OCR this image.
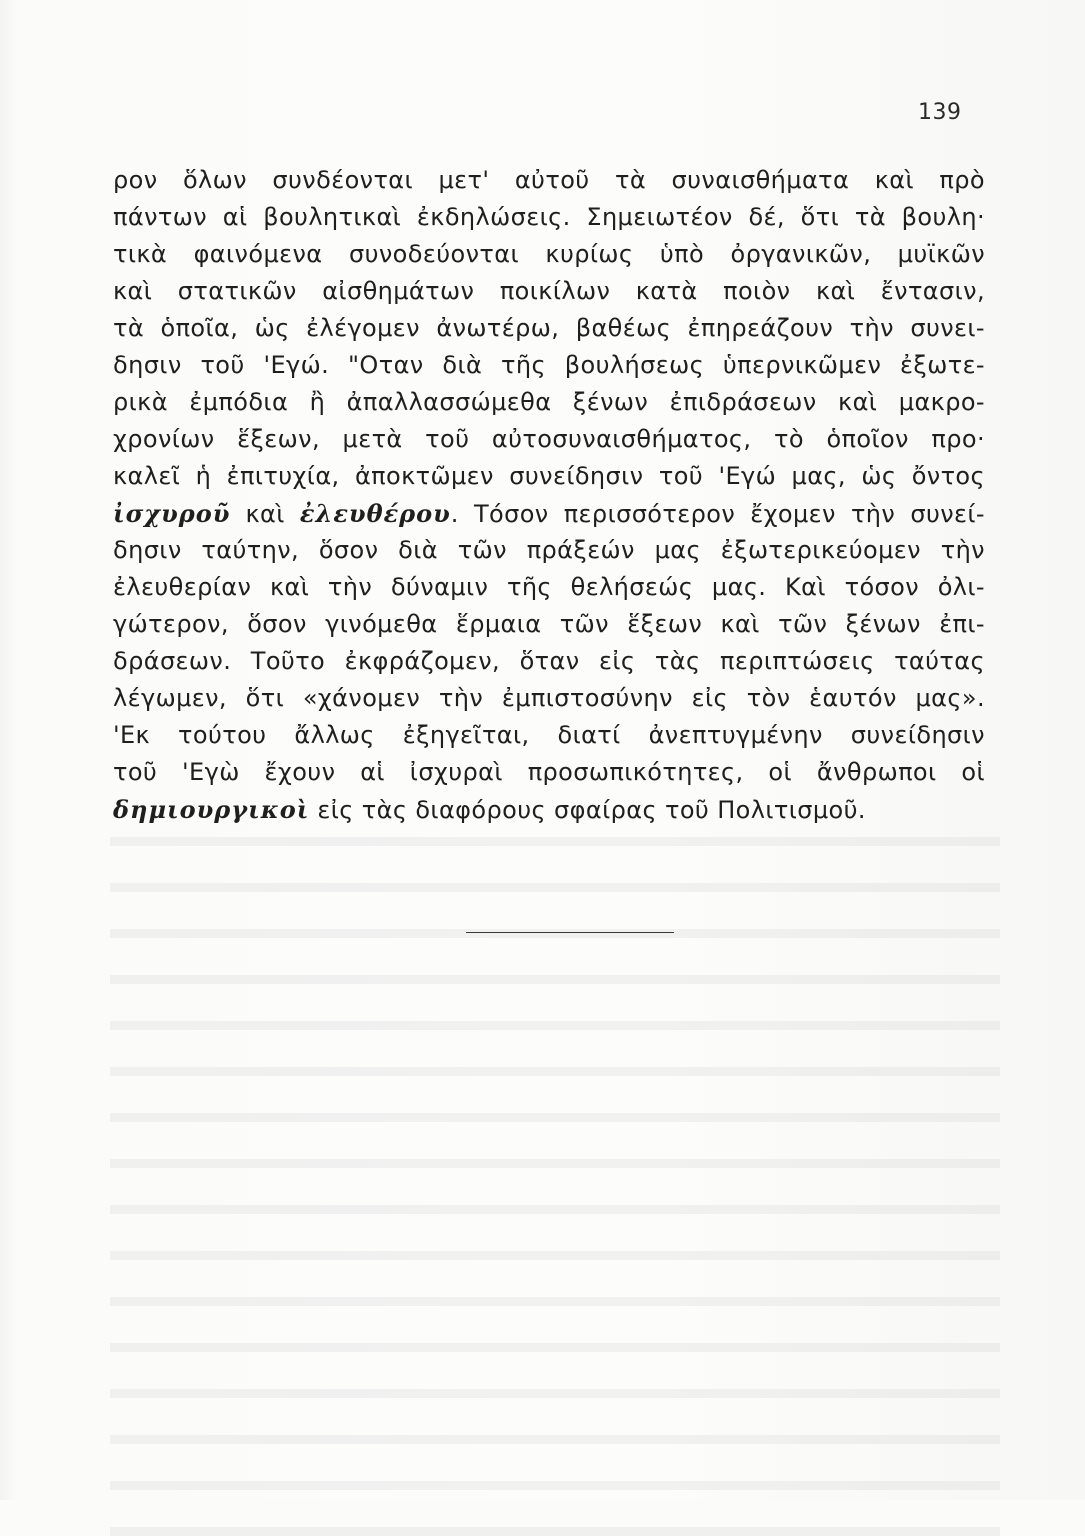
139
ρον ὅλων συνδέονται μετ' αὐτοῦ τὰ συναισθήματα καὶ πρὸ
πάντων αἱ βουλητικαὶ ἐκδηλώσεις. Σημειωτέον δέ, ὅτι τὰ βουλη·
τικὰ φαινόμενα συνοδεύονται κυρίως ὑπὸ ὀργανικῶν, μυϊκῶν
καὶ στατικῶν αἰσθημάτων ποικίλων κατὰ ποιὸν καὶ ἔντασιν,
τὰ ὁποῖα, ὡς ἐλέγομεν ἀνωτέρω, βαθέως ἐπηρεάζουν τὴν συνει-
δησιν τοῦ 'Εγώ. "Οταν διὰ τῆς βουλήσεως ὑπερνικῶμεν ἐξωτε-
ρικὰ ἐμπόδια ἢ ἀπαλλασσώμεθα ξένων ἐπιδράσεων καὶ μακρο-
χρονίων ἕξεων, μετὰ τοῦ αὐτοσυναισθήματος, τὸ ὁποῖον προ·
καλεῖ ἡ ἐπιτυχία, ἀποκτῶμεν συνείδησιν τοῦ 'Εγώ μας, ὡς ὄντος
ἰσχυροῦ καὶ ἐλευθέρου. Τόσον περισσότερον ἔχομεν τὴν συνεί-
δησιν ταύτην, ὅσον διὰ τῶν πράξεών μας ἐξωτερικεύομεν τὴν
ἐλευθερίαν καὶ τὴν δύναμιν τῆς θελήσεώς μας. Καὶ τόσον ὀλι-
γώτερον, ὅσον γινόμεθα ἕρμαια τῶν ἕξεων καὶ τῶν ξένων ἐπι-
δράσεων. Τοῦτο ἐκφράζομεν, ὅταν εἰς τὰς περιπτώσεις ταύτας
λέγωμεν, ὅτι «χάνομεν τὴν ἐμπιστοσύνην εἰς τὸν ἑαυτόν μας».
'Εκ τούτου ἄλλως ἐξηγεῖται, διατί ἀνεπτυγμένην συνείδησιν
τοῦ 'Εγὼ ἔχουν αἱ ἰσχυραὶ προσωπικότητες, οἱ ἄνθρωποι οἱ
δημιουργικοὶ εἰς τὰς διαφόρους σφαίρας τοῦ Πολιτισμοῦ.
